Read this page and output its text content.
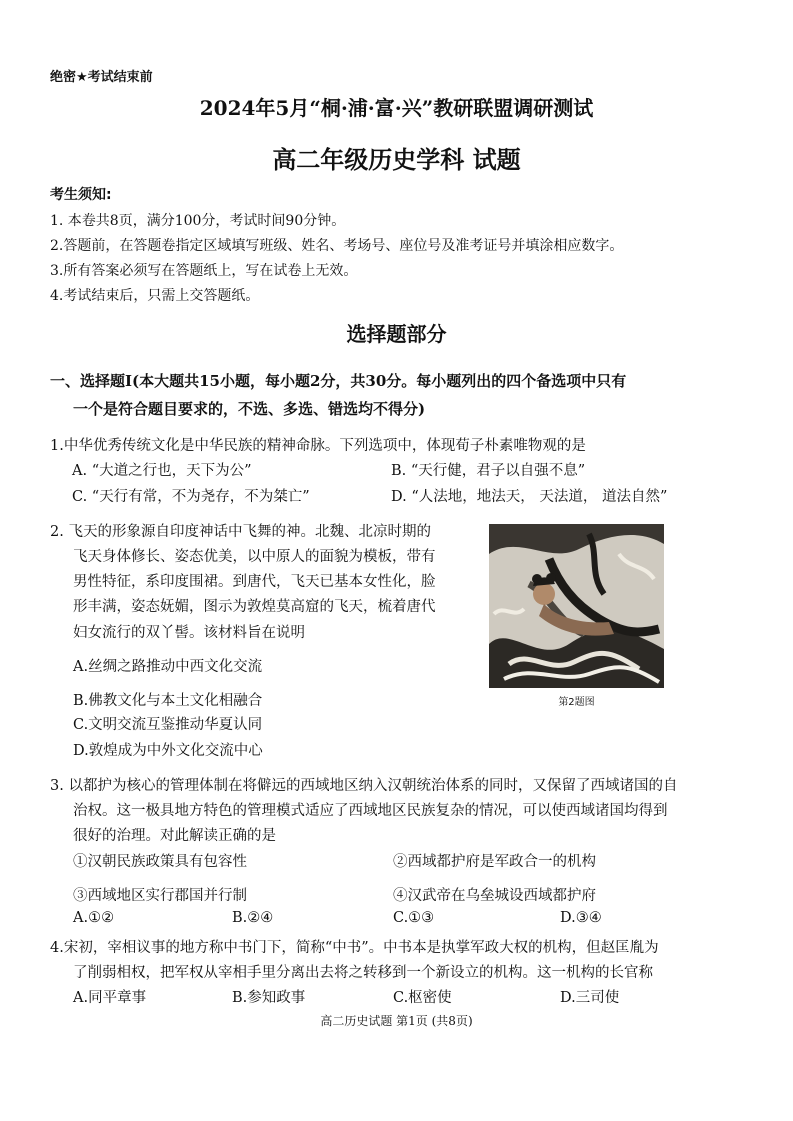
绝密★考试结束前
2024年5月“桐·浦·富·兴”教研联盟调研测试
高二年级历史学科 试题
考生须知:
1. 本卷共8页，满分100分，考试时间90分钟。
2.答题前，在答题卷指定区域填写班级、姓名、考场号、座位号及准考证号并填涂相应数字。
3.所有答案必须写在答题纸上，写在试卷上无效。
4.考试结束后，只需上交答题纸。
选择题部分
一、选择题Ⅰ(本大题共15小题，每小题2分，共30分。每小题列出的四个备选项中只有
一个是符合题目要求的，不选、多选、错选均不得分)
1.中华优秀传统文化是中华民族的精神命脉。下列选项中，体现荀子朴素唯物观的是
A. “大道之行也，天下为公”	B. “天行健，君子以自强不息”
C. “天行有常，不为尧存，不为桀亡”	D. “人法地，地法天， 天法道， 道法自然”
2. 飞天的形象源自印度神话中飞舞的神。北魏、北凉时期的
飞天身体修长、姿态优美，以中原人的面貌为模板，带有
男性特征，系印度围裙。到唐代，飞天已基本女性化，脸
形丰满，姿态妩媚，图示为敦煌莫高窟的飞天，梳着唐代
妇女流行的双丫髻。该材料旨在说明
A.丝绸之路推动中西文化交流
B.佛教文化与本土文化相融合
C.文明交流互鉴推动华夏认同
D.敦煌成为中外文化交流中心
第2题图
3. 以都护为核心的管理体制在将僻远的西域地区纳入汉朝统治体系的同时，又保留了西域诸国的自
治权。这一极具地方特色的管理模式适应了西域地区民族复杂的情况，可以使西域诸国均得到
很好的治理。对此解读正确的是
①汉朝民族政策具有包容性	②西域都护府是军政合一的机构
③西域地区实行郡国并行制	④汉武帝在乌垒城设西域都护府
A.①②	B.②④	C.①③	D.③④
4.宋初，宰相议事的地方称中书门下，简称“中书”。中书本是执掌军政大权的机构，但赵匡胤为
了削弱相权，把军权从宰相手里分离出去将之转移到一个新设立的机构。这一机构的长官称
A.同平章事	B.参知政事	C.枢密使	D.三司使
高二历史试题 第1页 (共8页)
